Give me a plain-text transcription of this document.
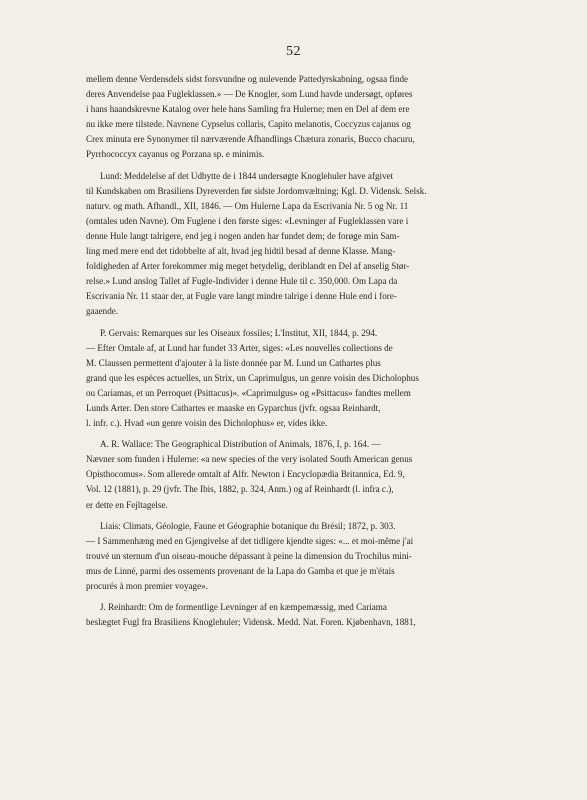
52
mellem denne Verdensdels sidst forsvundne og nulevende Pattedyrskabning, ogsaa finde
deres Anvendelse paa Fugleklassen.» — De Knogler, som Lund havde undersøgt, opføres
i hans haandskrevne Katalog over hele hans Samling fra Hulerne; men en Del af dem ere
nu ikke mere tilstede. Navnene Cypselus collaris, Capito melanotis, Coccyzus cajanus og
Crex minuta ere Synonymer til nærværende Afhandlings Chætura zonaris, Bucco chacuru,
Pyrrhococcyx cayanus og Porzana sp. e minimis.
Lund: Meddelelse af det Udbytte de i 1844 undersøgte Knoglehuler have afgivet
til Kundskaben om Brasiliens Dyreverden før sidste Jordomvæltning; Kgl. D. Vidensk. Selsk.
naturv. og math. Afhandl., XII, 1846. — Om Hulerne Lapa da Escrivania Nr. 5 og Nr. 11
(omtales uden Navne). Om Fuglene i den første siges: «Levninger af Fugleklassen vare i
denne Hule langt talrigere, end jeg i nogen anden har fundet dem; de forøge min Sam-
ling med mere end det tidobbelte af alt, hvad jeg hidtil besad af denne Klasse. Mang-
foldigheden af Arter forekommer mig meget betydelig, deriblandt en Del af anselig Stør-
relse.» Lund anslog Tallet af Fugle-Individer i denne Hule til c. 350,000. Om Lapa da
Escrivania Nr. 11 staar der, at Fugle vare langt mindre talrige i denne Hule end i fore-
gaaende.
P. Gervais: Remarques sur les Oiseaux fossiles; L'Institut, XII, 1844, p. 294.
— Efter Omtale af, at Lund har fundet 33 Arter, siges: «Les nouvelles collections de
M. Claussen permettent d'ajouter à la liste donnée par M. Lund un Cathartes plus
grand que les espèces actuelles, un Strix, un Caprimulgus, un genre voisin des Dicholophus
ou Cariamas, et un Perroquet (Psittacus)». «Caprimulgus» og «Psittacus» fandtes mellem
Lunds Arter. Den store Cathartes er maaske en Gyparchus (jvfr. ogsaa Reinhardt,
l. infr. c.). Hvad «un genre voisin des Dicholophus» er, vides ikke.
A. R. Wallace: The Geographical Distribution of Animals, 1876, I, p. 164. —
Nævner som funden i Hulerne: «a new species of the very isolated South American genus
Opisthocomus». Som allerede omtalt af Alfr. Newton i Encyclopædia Britannica, Ed. 9,
Vol. 12 (1881), p. 29 (jvfr. The Ibis, 1882, p. 324, Anm.) og af Reinhardt (l. infra c.),
er dette en Fejltagelse.
Liais: Climats, Géologie, Faune et Géographie botanique du Brésil; 1872, p. 303.
— I Sammenhæng med en Gjengivelse af det tidligere kjendte siges: «... et moi-même j'ai
trouvé un sternum d'un oiseau-mouche dépassant à peine la dimension du Trochilus mini-
mus de Linné, parmi des ossements provenant de la Lapa do Gamba et que je m'étais
procurés à mon premier voyage».
J. Reinhardt: Om de formentlige Levninger af en kæmpemæssig, med Cariama
beslægtet Fugl fra Brasiliens Knoglehuler; Vidensk. Medd. Nat. Foren. Kjøbenhavn, 1881,
